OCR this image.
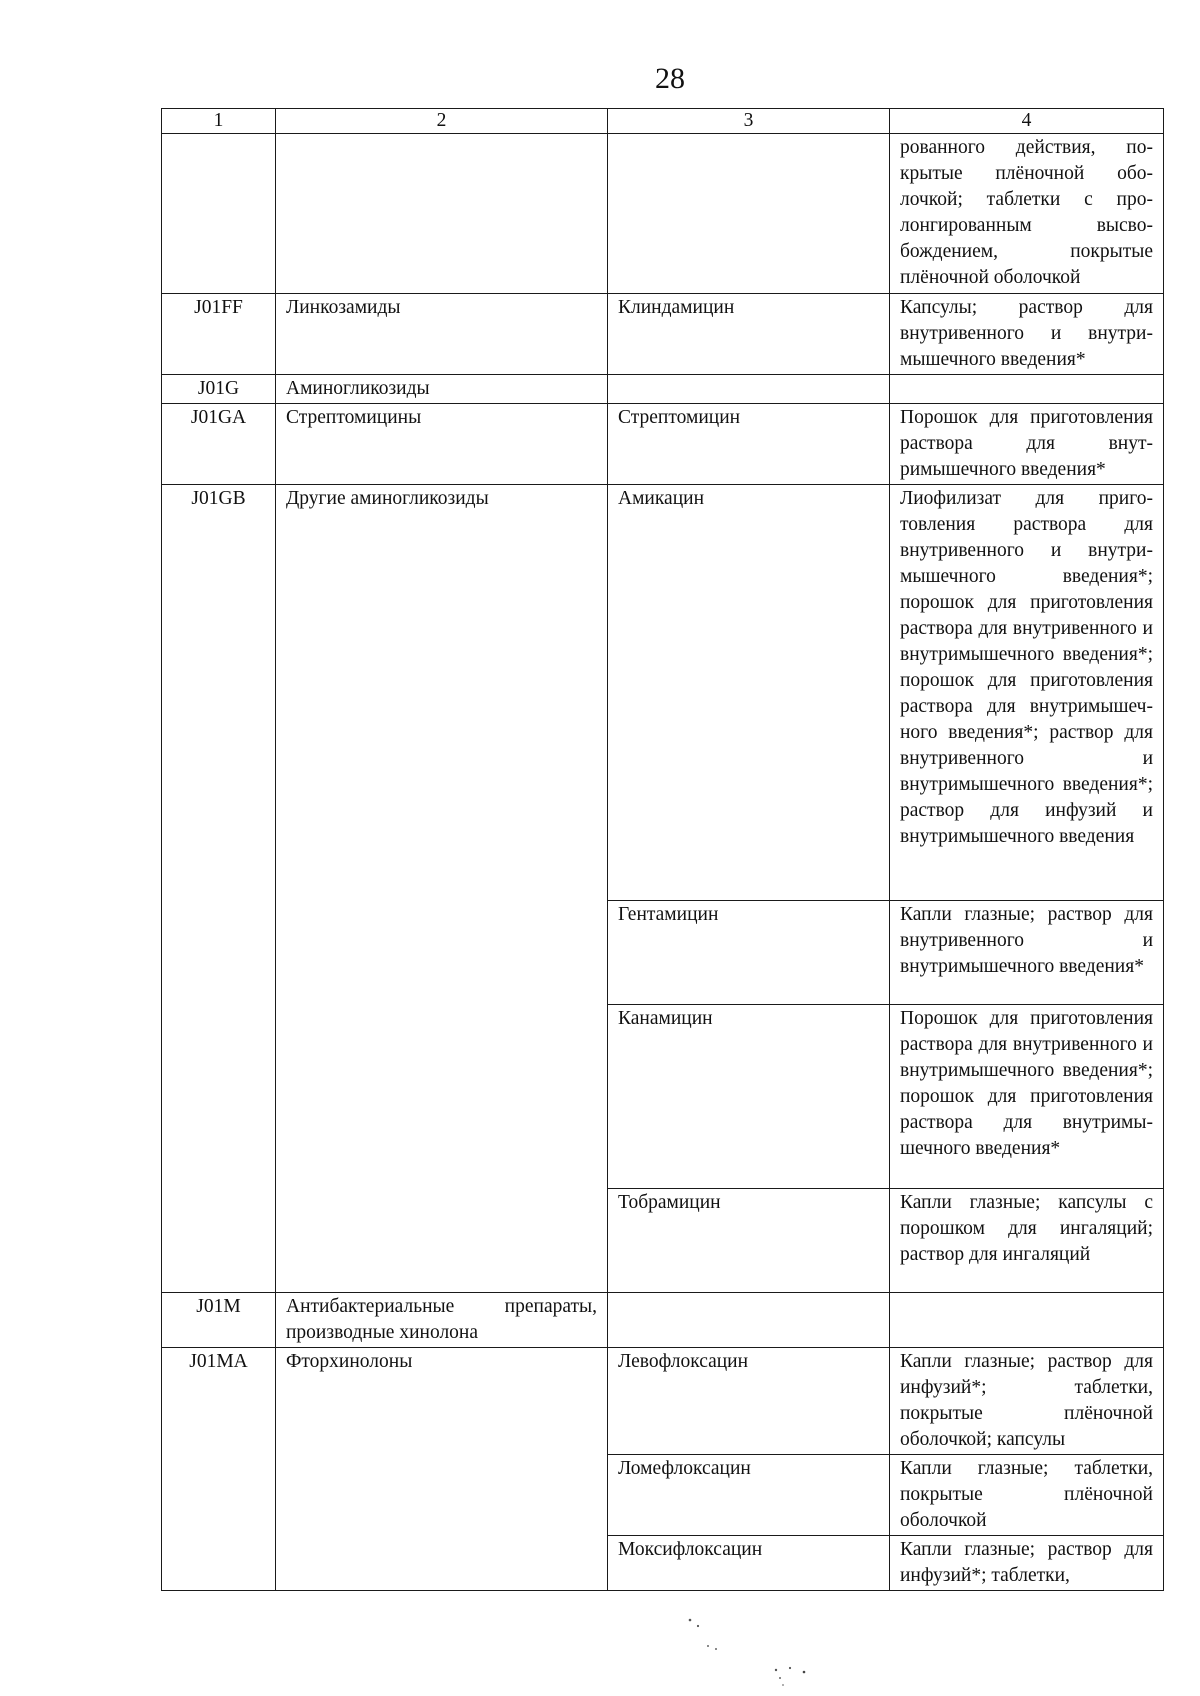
28
1	2	3	4
			рованного действия, покрытые плёночной оболочкой; таблетки с пролонгированным высвобождением, покрытые плёночной оболочкой
J01FF	Линкозамиды	Клиндамицин	Капсулы; раствор для внутривенного и внутримышечного введения*
J01G	Аминогликозиды		
J01GA	Стрептомицины	Стрептомицин	Порошок для приготовления раствора для внутримышечного введения*
J01GB	Другие аминогликозиды	Амикацин	Лиофилизат для приготовления раствора для внутривенного и внутримышечного введения*; порошок для приготовления раствора для внутривенного и внутримышечного введения*; порошок для приготовления раствора для внутримышечного введения*; раствор для внутривенного и внутримышечного введения*; раствор для инфузий и внутримышечного введения
		Гентамицин	Капли глазные; раствор для внутривенного и внутримышечного введения*
		Канамицин	Порошок для приготовления раствора для внутривенного и внутримышечного введения*; порошок для приготовления раствора для внутримышечного введения*
		Тобрамицин	Капли глазные; капсулы с порошком для ингаляций; раствор для ингаляций
J01M	Антибактериальные препараты, производные хинолона		
J01MA	Фторхинолоны	Левофлоксацин	Капли глазные; раствор для инфузий*; таблетки, покрытые плёночной оболочкой; капсулы
		Ломефлоксацин	Капли глазные; таблетки, покрытые плёночной оболочкой
		Моксифлоксацин	Капли глазные; раствор для инфузий*; таблетки,
